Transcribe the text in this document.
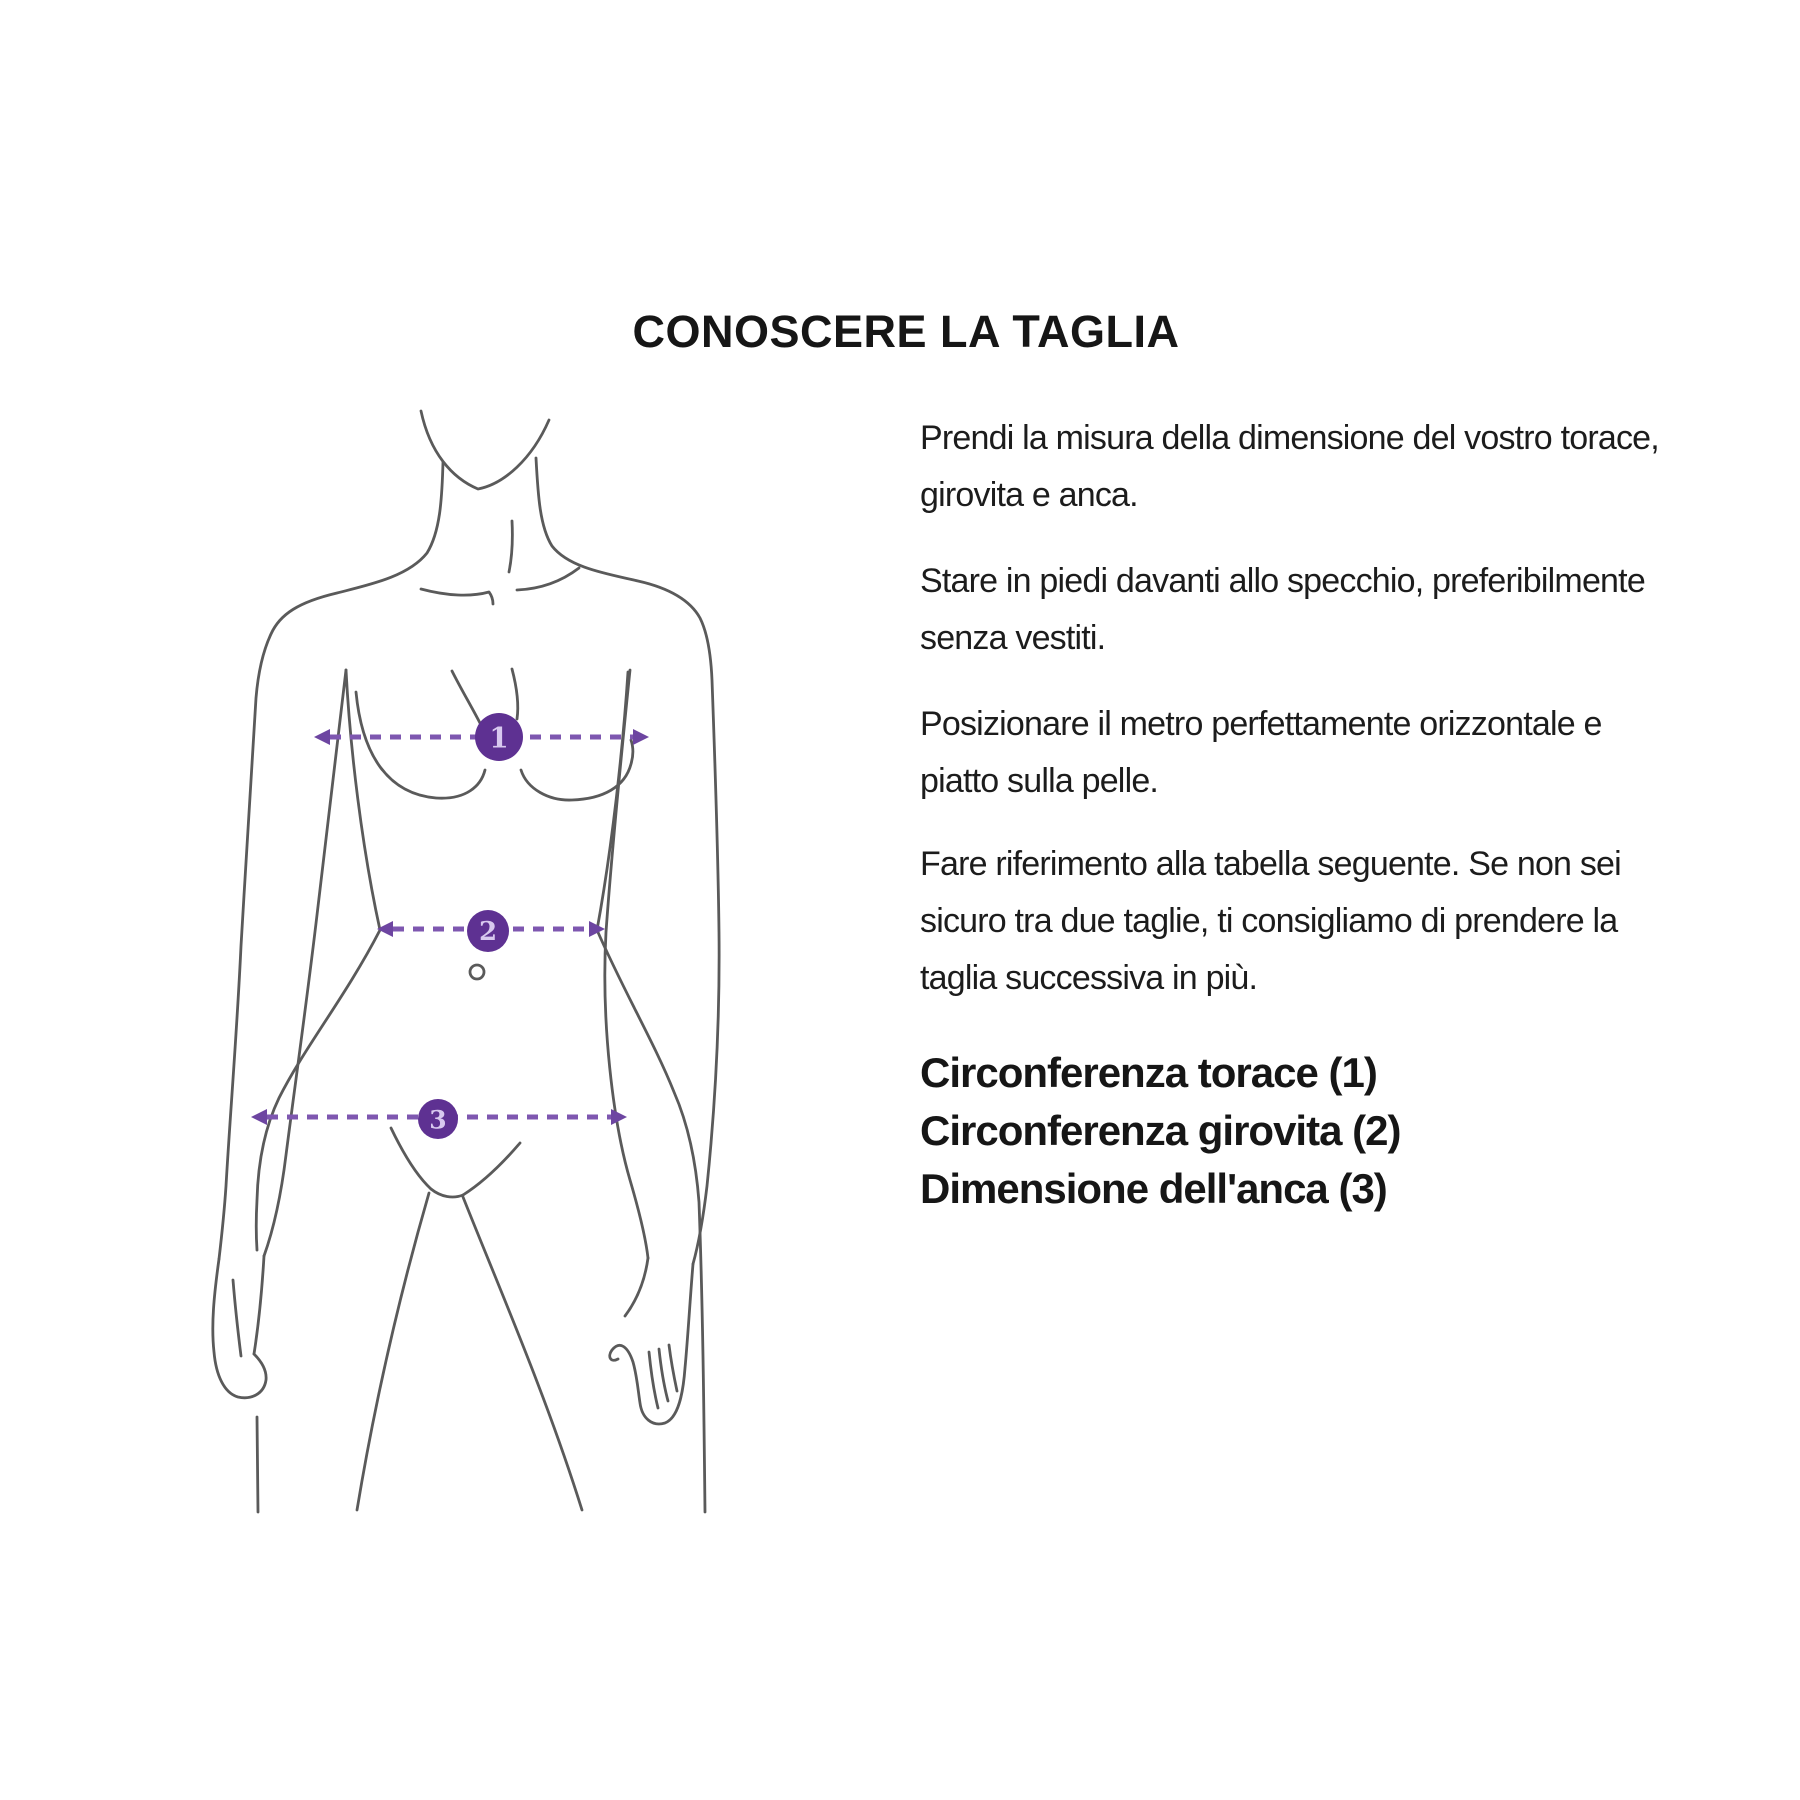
1
2
3
CONOSCERE LA TAGLIA
Prendi la misura della dimensione del vostro torace,
girovita e anca.
Stare in piedi davanti allo specchio, preferibilmente
senza vestiti.
Posizionare il metro perfettamente orizzontale e
piatto sulla pelle.
Fare riferimento alla tabella seguente. Se non sei
sicuro tra due taglie, ti consigliamo di prendere la
taglia successiva in più.
Circonferenza torace (1)
Circonferenza girovita (2)
Dimensione dell'anca (3)
